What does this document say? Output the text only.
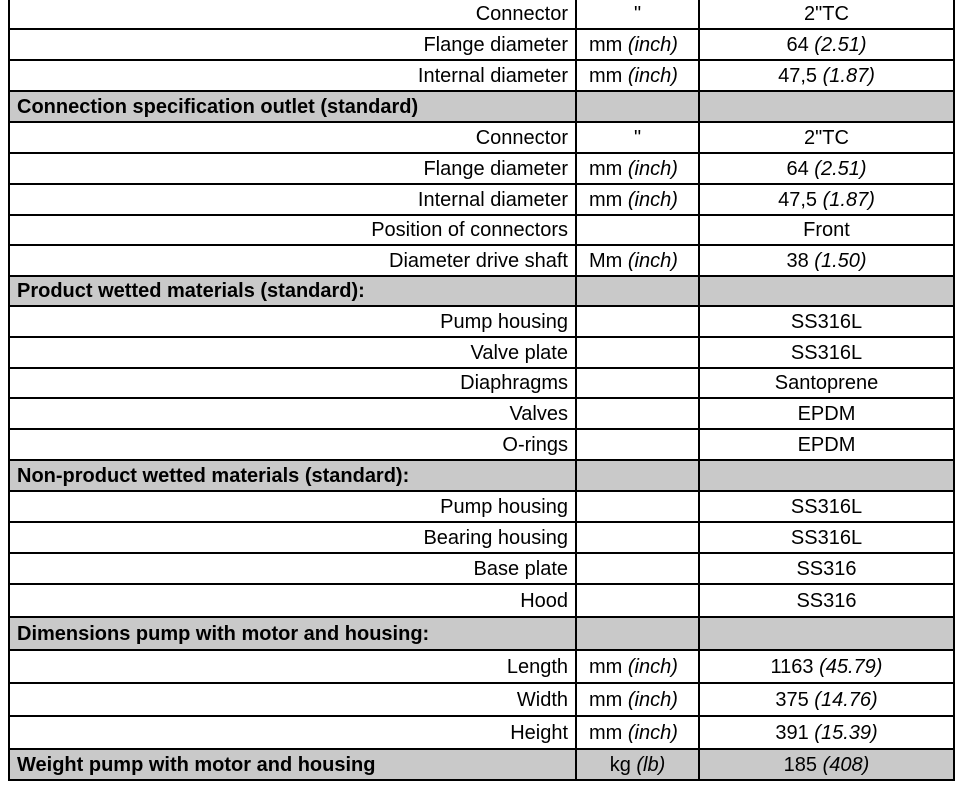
Connector	"	2"TC
Flange diameter	mm (inch)	64 (2.51)
Internal diameter	mm (inch)	47,5 (1.87)
Connection specification outlet (standard)		
Connector	"	2"TC
Flange diameter	mm (inch)	64 (2.51)
Internal diameter	mm (inch)	47,5 (1.87)
Position of connectors		Front
Diameter drive shaft	Mm (inch)	38 (1.50)
Product wetted materials (standard):		
Pump housing		SS316L
Valve plate		SS316L
Diaphragms		Santoprene
Valves		EPDM
O-rings		EPDM
Non-product wetted materials (standard):		
Pump housing		SS316L
Bearing housing		SS316L
Base plate		SS316
Hood		SS316
Dimensions pump with motor and housing:		
Length	mm (inch)	1163 (45.79)
Width	mm (inch)	375 (14.76)
Height	mm (inch)	391 (15.39)
Weight pump with motor and housing	kg (lb)	185 (408)
